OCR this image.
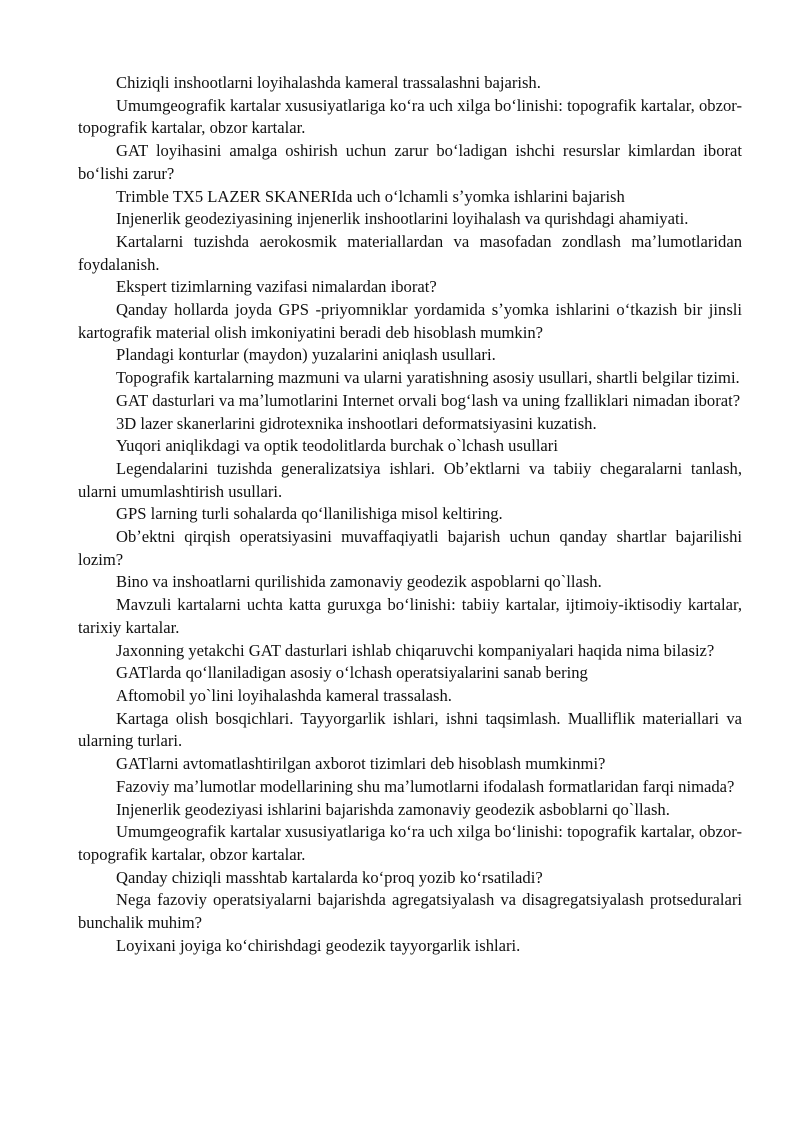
Chiziqli inshootlarni loyihalashda kameral trassalashni bajarish.

Umumgeografik kartalar xususiyatlariga koʻra uch xilga boʻlinishi: topografik kartalar, obzor-topografik kartalar, obzor kartalar.

GAT loyihasini amalga oshirish uchun zarur boʻladigan ishchi resurslar kimlardan iborat boʻlishi zarur?

Trimble TX5 LAZER SKANERIda uch oʻlchamli sʼyomka ishlarini bajarish

Injenerlik geodeziyasining injenerlik inshootlarini loyihalash va qurishdagi ahamiyati.

Kartalarni tuzishda aerokosmik materiallardan va masofadan zondlash maʼlumotlaridan foydalanish.

Ekspert tizimlarning vazifasi nimalardan iborat?

Qanday hollarda joyda GPS -priyomniklar yordamida sʼyomka ishlarini oʻtkazish bir jinsli kartografik material olish imkoniyatini beradi deb hisoblash mumkin?

Plandagi konturlar (maydon) yuzalarini aniqlash usullari.

Topografik kartalarning mazmuni va ularni yaratishning asosiy usullari, shartli belgilar tizimi.

GAT dasturlari va maʼlumotlarini Internet orvali bogʻlash va uning fzalliklari nimadan iborat?

3D lazer skanerlarini gidrotexnika inshootlari deformatsiyasini kuzatish.

Yuqori aniqlikdagi va optik teodolitlarda burchak o`lchash usullari

Legendalarini tuzishda generalizatsiya ishlari. Obʼektlarni va tabiiy chegaralarni tanlash, ularni umumlashtirish usullari.

GPS larning turli sohalarda qoʻllanilishiga misol keltiring.

Obʼektni qirqish operatsiyasini muvaffaqiyatli bajarish uchun qanday shartlar bajarilishi lozim?

Bino va inshoatlarni qurilishida zamonaviy geodezik aspoblarni qo`llash.

Mavzuli kartalarni uchta katta guruxga boʻlinishi: tabiiy kartalar, ijtimoiy-iktisodiy kartalar, tarixiy kartalar.

Jaxonning yetakchi GAT dasturlari ishlab chiqaruvchi kompaniyalari haqida nima bilasiz?

GATlarda qoʻllaniladigan asosiy oʻlchash operatsiyalarini sanab bering

Aftomobil yo`lini loyihalashda kameral trassalash.

Kartaga olish bosqichlari. Tayyorgarlik ishlari, ishni taqsimlash. Mualliflik materiallari va ularning turlari.

GATlarni avtomatlashtirilgan axborot tizimlari deb hisoblash mumkinmi?

Fazoviy maʼlumotlar modellarining shu maʼlumotlarni ifodalash formatlaridan farqi nimada?

Injenerlik geodeziyasi ishlarini bajarishda zamonaviy geodezik asboblarni qo`llash.

Umumgeografik kartalar xususiyatlariga koʻra uch xilga boʻlinishi: topografik kartalar, obzor-topografik kartalar, obzor kartalar.

Qanday chiziqli masshtab kartalarda koʻproq yozib koʻrsatiladi?

Nega fazoviy operatsiyalarni bajarishda agregatsiyalash va disagregatsiyalash protseduralari bunchalik muhim?

Loyixani joyiga koʻchirishdagi geodezik tayyorgarlik ishlari.
